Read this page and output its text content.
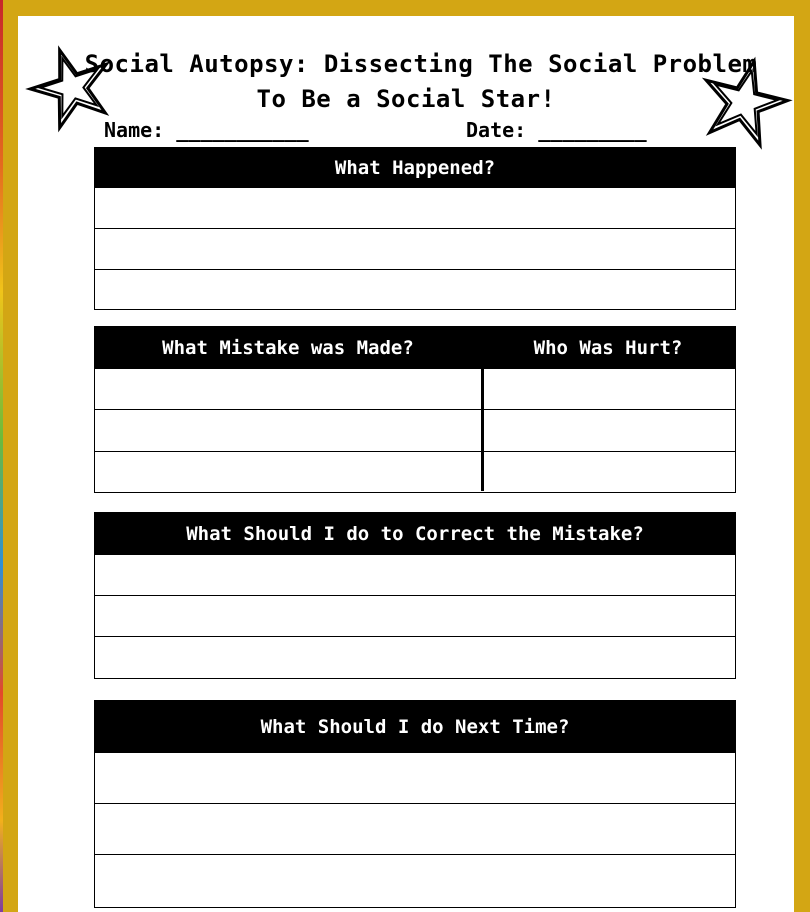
Social Autopsy: Dissecting The Social Problem
To Be a Social Star!
Name: ___________	Date: _________
What Happened?
What Mistake was Made?	Who Was Hurt?
What Should I do to Correct the Mistake?
What Should I do Next Time?
